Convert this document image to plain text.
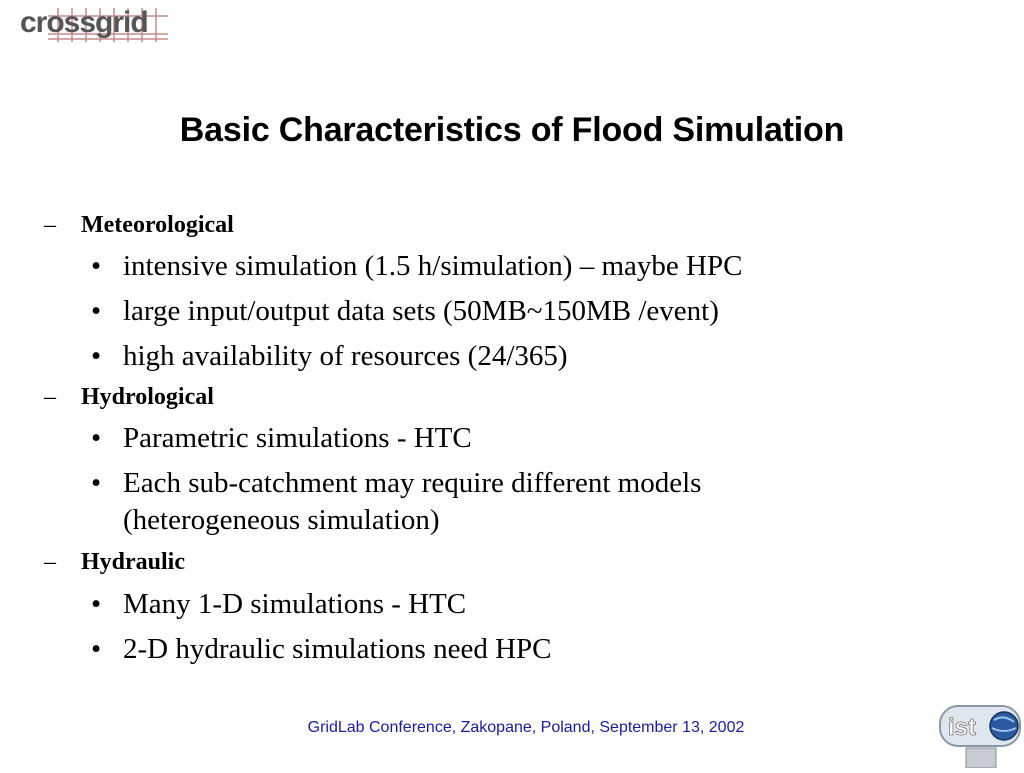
crossgrid
Basic Characteristics of Flood Simulation
– Meteorological
• intensive simulation (1.5 h/simulation) – maybe HPC
• large input/output data sets (50MB~150MB /event)
• high availability of resources (24/365)
– Hydrological
• Parametric simulations - HTC
• Each sub-catchment may require different models (heterogeneous simulation)
– Hydraulic
• Many 1-D simulations - HTC
• 2-D hydraulic simulations need HPC
GridLab Conference, Zakopane, Poland, September 13, 2002	ist
